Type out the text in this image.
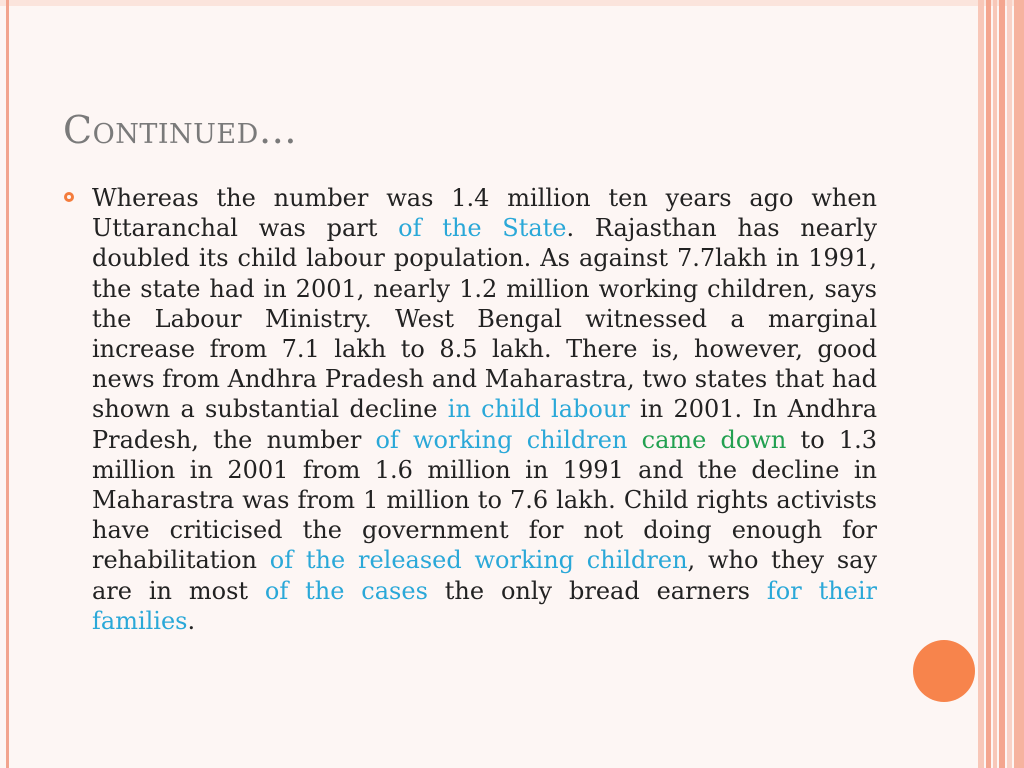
Continued…

Whereas the number was 1.4 million ten years ago when Uttaranchal was part of the State. Rajasthan has nearly doubled its child labour population. As against 7.7lakh in 1991, the state had in 2001, nearly 1.2 million working children, says the Labour Ministry. West Bengal witnessed a marginal increase from 7.1 lakh to 8.5 lakh. There is, however, good news from Andhra Pradesh and Maharastra, two states that had shown a substantial decline in child labour in 2001. In Andhra Pradesh, the number of working children came down to 1.3 million in 2001 from 1.6 million in 1991 and the decline in Maharastra was from 1 million to 7.6 lakh. Child rights activists have criticised the government for not doing enough for rehabilitation of the released working children, who they say are in most of the cases the only bread earners for their families.
